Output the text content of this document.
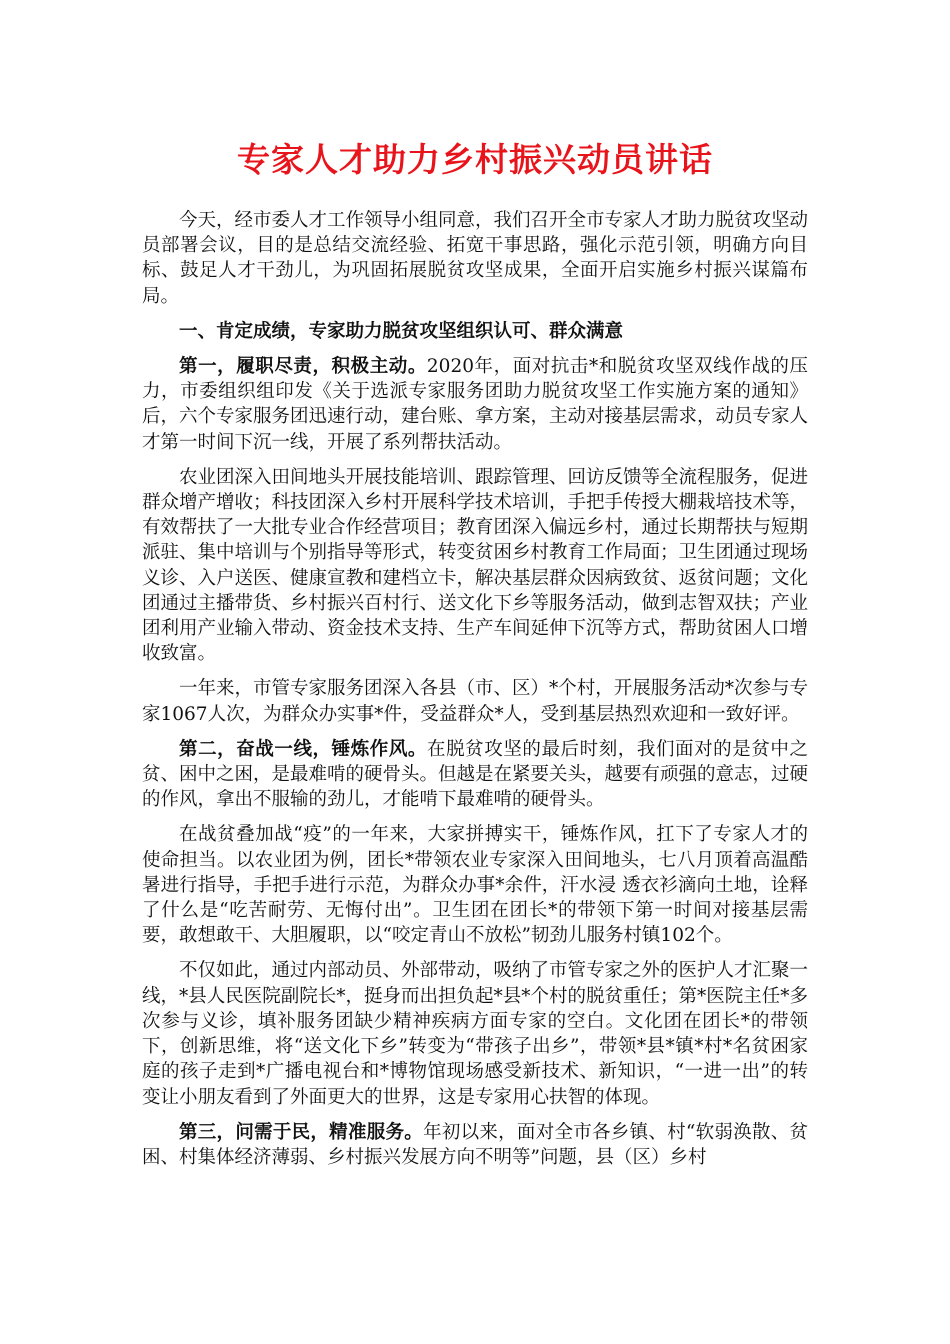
专家人才助力乡村振兴动员讲话

今天，经市委人才工作领导小组同意，我们召开全市专家人才助力脱贫攻坚动员部署会议，目的是总结交流经验、拓宽干事思路，强化示范引领，明确方向目标、鼓足人才干劲儿，为巩固拓展脱贫攻坚成果，全面开启实施乡村振兴谋篇布局。

一、肯定成绩，专家助力脱贫攻坚组织认可、群众满意

第一，履职尽责，积极主动。2020年，面对抗击*和脱贫攻坚双线作战的压力，市委组织组印发《关于选派专家服务团助力脱贫攻坚工作实施方案的通知》后，六个专家服务团迅速行动，建台账、拿方案，主动对接基层需求，动员专家人才第一时间下沉一线，开展了系列帮扶活动。

农业团深入田间地头开展技能培训、跟踪管理、回访反馈等全流程服务，促进群众增产增收；科技团深入乡村开展科学技术培训，手把手传授大棚栽培技术等，有效帮扶了一大批专业合作经营项目；教育团深入偏远乡村，通过长期帮扶与短期派驻、集中培训与个别指导等形式，转变贫困乡村教育工作局面；卫生团通过现场义诊、入户送医、健康宣教和建档立卡，解决基层群众因病致贫、返贫问题；文化团通过主播带货、乡村振兴百村行、送文化下乡等服务活动，做到志智双扶；产业团利用产业输入带动、资金技术支持、生产车间延伸下沉等方式，帮助贫困人口增收致富。

一年来，市管专家服务团深入各县（市、区）*个村，开展服务活动*次参与专家1067人次，为群众办实事*件，受益群众*人，受到基层热烈欢迎和一致好评。

第二，奋战一线，锤炼作风。在脱贫攻坚的最后时刻，我们面对的是贫中之贫、困中之困，是最难啃的硬骨头。但越是在紧要关头，越要有顽强的意志，过硬的作风，拿出不服输的劲儿，才能啃下最难啃的硬骨头。

在战贫叠加战“疫”的一年来，大家拼搏实干，锤炼作风，扛下了专家人才的使命担当。以农业团为例，团长*带领农业专家深入田间地头，七八月顶着高温酷暑进行指导，手把手进行示范，为群众办事*余件，汗水浸 透衣衫滴向土地，诠释了什么是“吃苦耐劳、无悔付出”。卫生团在团长*的带领下第一时间对接基层需要，敢想敢干、大胆履职，以“咬定青山不放松”韧劲儿服务村镇102个。

不仅如此，通过内部动员、外部带动，吸纳了市管专家之外的医护人才汇聚一线，*县人民医院副院长*，挺身而出担负起*县*个村的脱贫重任；第*医院主任*多次参与义诊，填补服务团缺少精神疾病方面专家的空白。文化团在团长*的带领下，创新思维，将“送文化下乡”转变为“带孩子出乡”，带领*县*镇*村*名贫困家庭的孩子走到*广播电视台和*博物馆现场感受新技术、新知识，“一进一出”的转变让小朋友看到了外面更大的世界，这是专家用心扶智的体现。

第三，问需于民，精准服务。年初以来，面对全市各乡镇、村“软弱涣散、贫困、村集体经济薄弱、乡村振兴发展方向不明等”问题，县（区）乡村
